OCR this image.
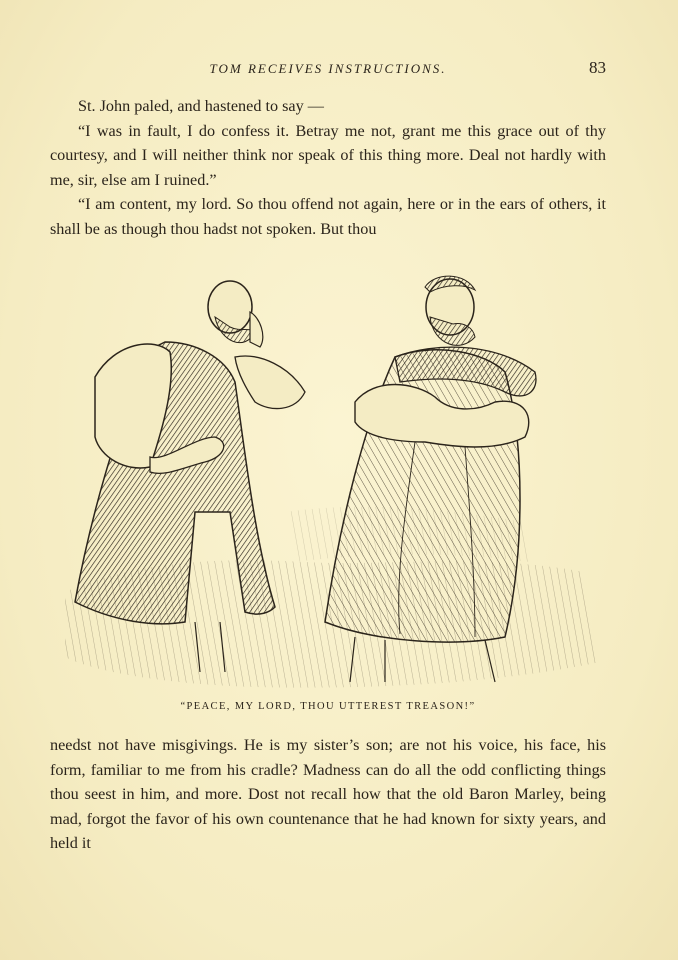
TOM RECEIVES INSTRUCTIONS.	83

St. John paled, and hastened to say —

“I was in fault, I do confess it. Betray me not, grant me this grace out of thy courtesy, and I will neither think nor speak of this thing more. Deal not hardly with me, sir, else am I ruined.”

“I am content, my lord. So thou offend not again, here or in the ears of others, it shall be as though thou hadst not spoken. But thou

“PEACE, MY LORD, THOU UTTEREST TREASON!”

needst not have misgivings. He is my sister’s son; are not his voice, his face, his form, familiar to me from his cradle? Madness can do all the odd conflicting things thou seest in him, and more. Dost not recall how that the old Baron Marley, being mad, forgot the favor of his own countenance that he had known for sixty years, and held it
